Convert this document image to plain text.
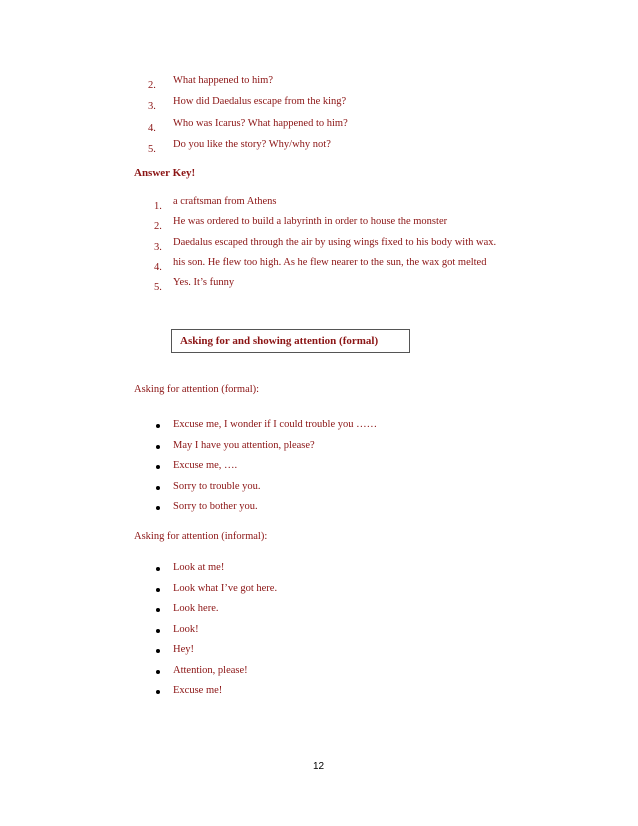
2. What happened to him?
3. How did Daedalus escape from the king?
4. Who was Icarus? What happened to him?
5. Do you like the story? Why/why not?
Answer Key!
1. a craftsman from Athens
2. He was ordered to build a labyrinth in order to house the monster
3. Daedalus escaped through the air by using wings fixed to his body with wax.
4. his son. He flew too high. As he flew nearer to the sun, the wax got melted
5. Yes. It’s funny
Asking for and showing attention (formal)
Asking for attention (formal):
Excuse me, I wonder if I could trouble you ……
May I have you attention, please?
Excuse me, ….
Sorry to trouble you.
Sorry to bother you.
Asking for attention (informal):
Look at me!
Look what I’ve got here.
Look here.
Look!
Hey!
Attention, please!
Excuse me!
12
